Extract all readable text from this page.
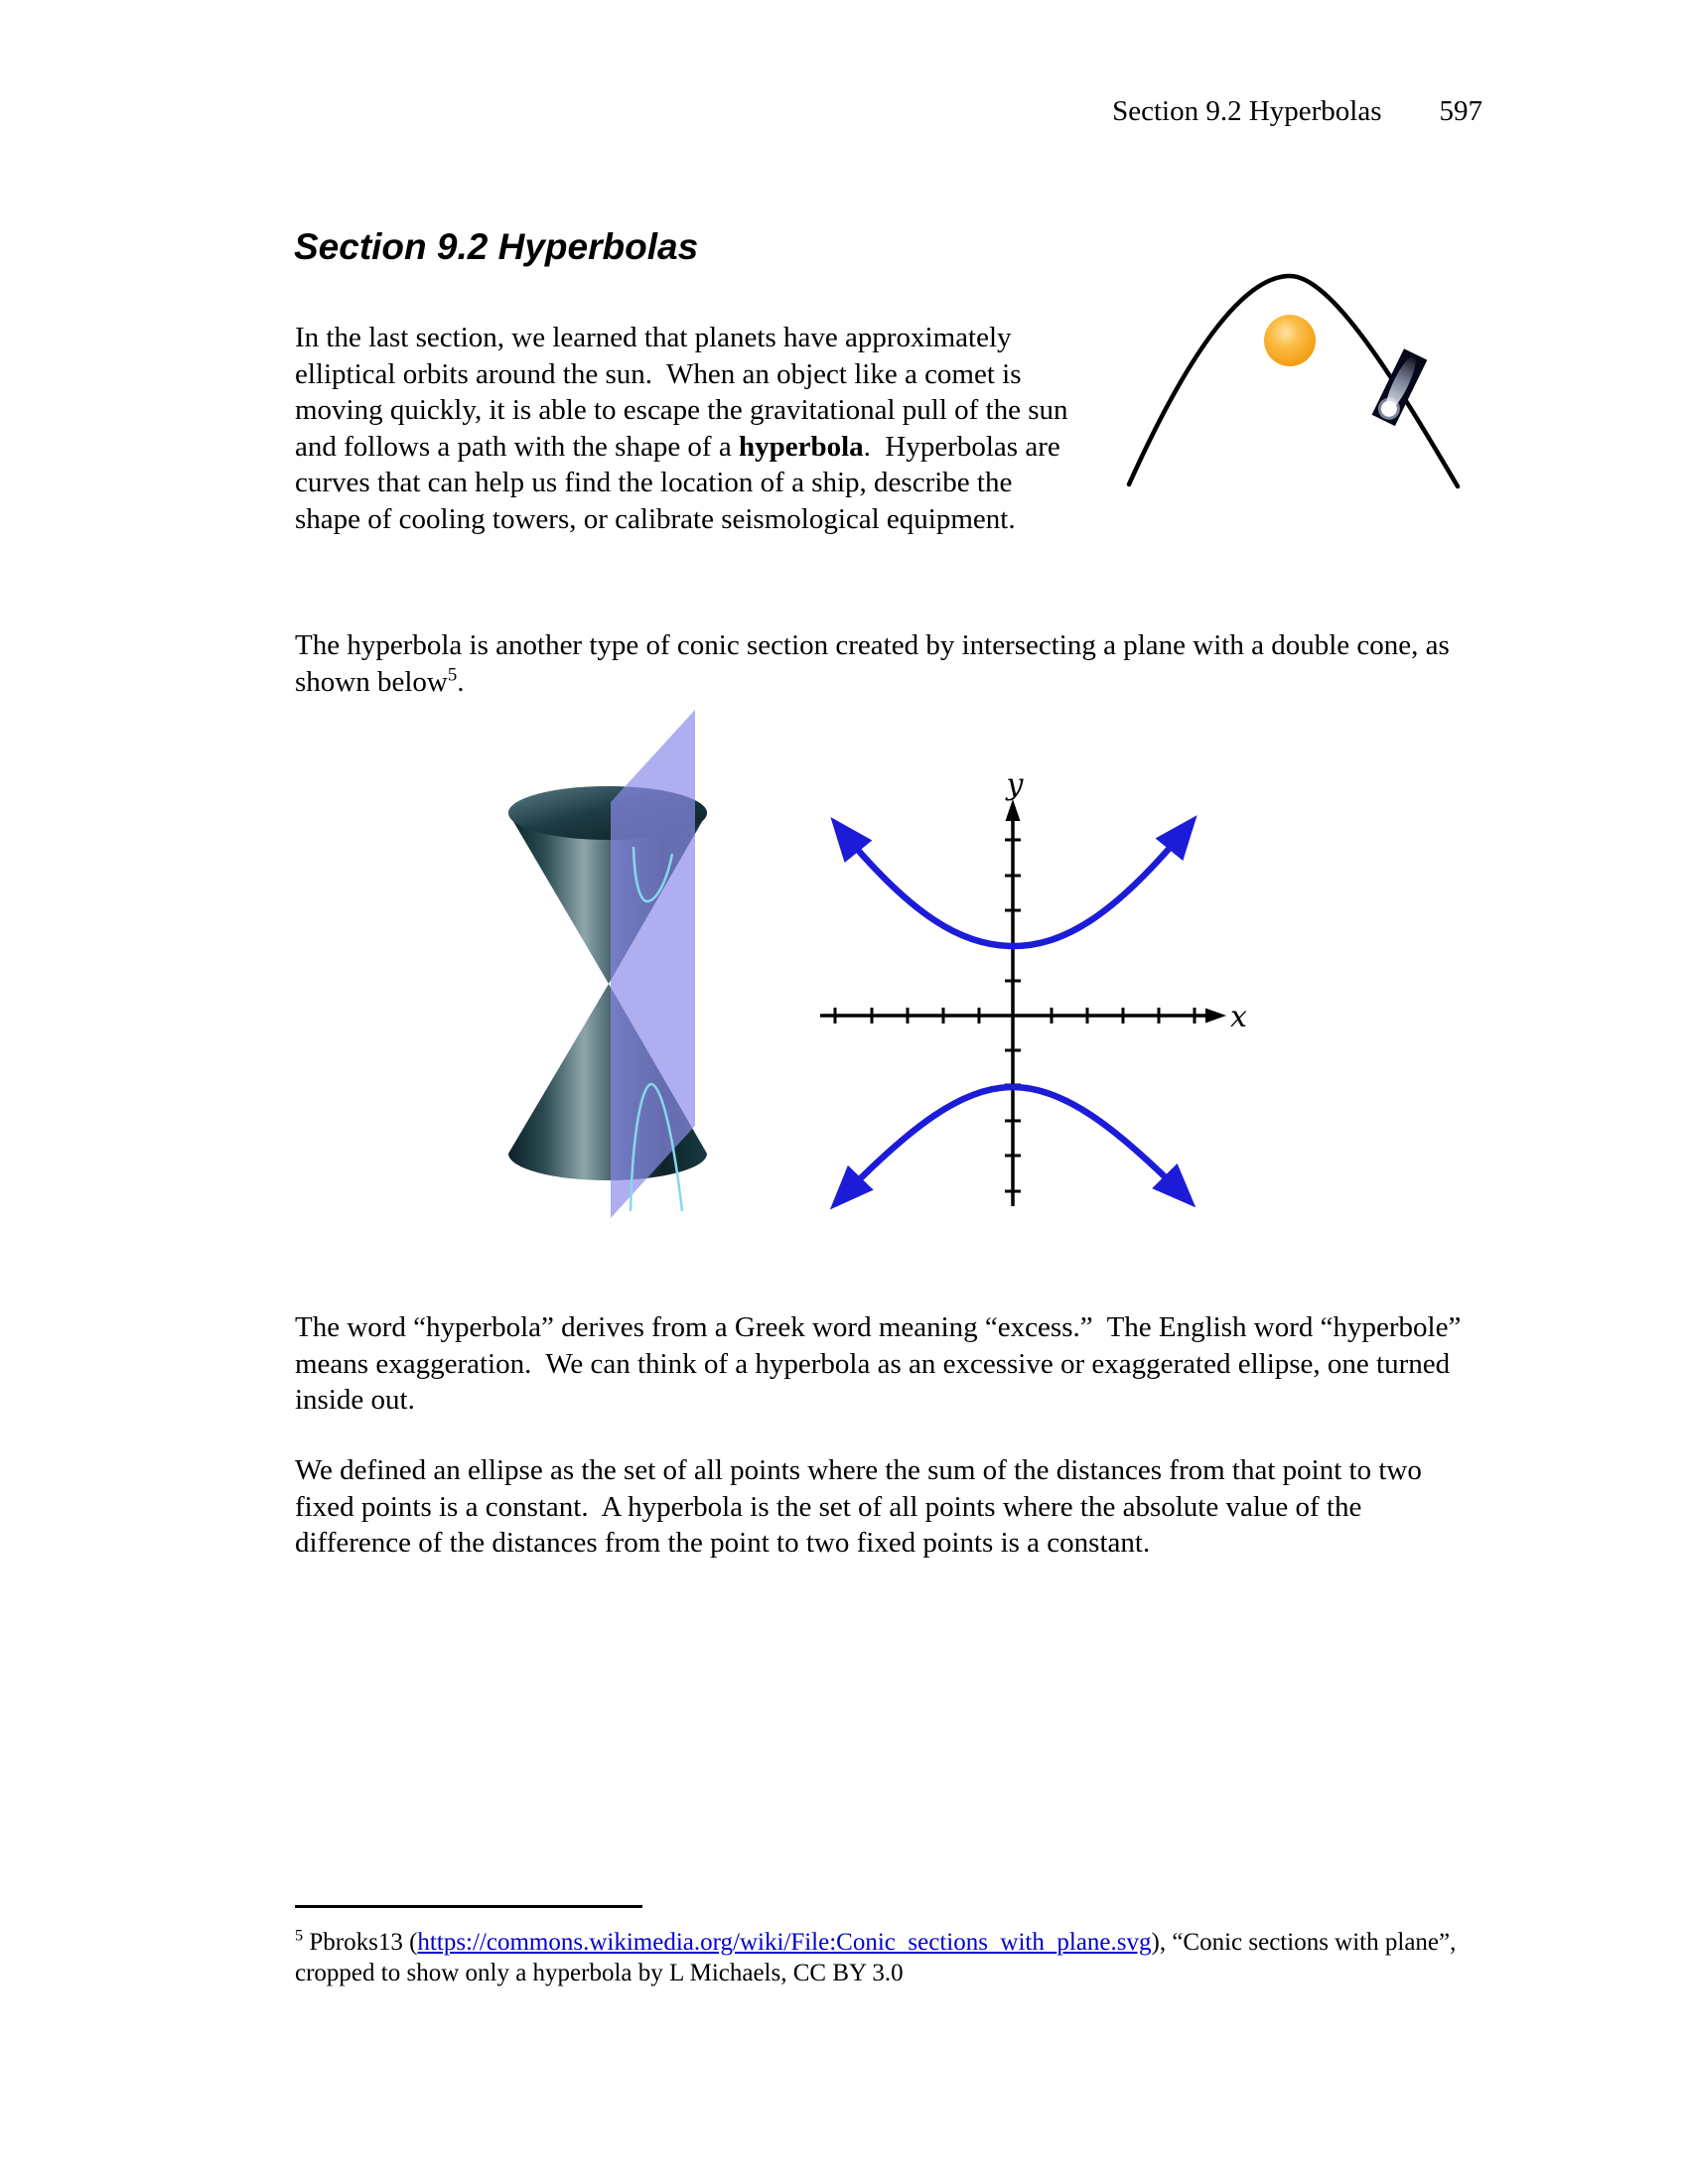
Section 9.2 Hyperbolas 597
Section 9.2 Hyperbolas

In the last section, we learned that planets have approximately elliptical orbits around the sun.  When an object like a comet is moving quickly, it is able to escape the gravitational pull of the sun and follows a path with the shape of a hyperbola.  Hyperbolas are curves that can help us find the location of a ship, describe the shape of cooling towers, or calibrate seismological equipment.

The hyperbola is another type of conic section created by intersecting a plane with a double cone, as shown below$^5$.

y
x

The word “hyperbola” derives from a Greek word meaning “excess.”  The English word “hyperbole” means exaggeration.  We can think of a hyperbola as an excessive or exaggerated ellipse, one turned inside out.

We defined an ellipse as the set of all points where the sum of the distances from that point to two fixed points is a constant.  A hyperbola is the set of all points where the absolute value of the difference of the distances from the point to two fixed points is a constant.

$^5$ Pbroks13 (https://commons.wikimedia.org/wiki/File:Conic_sections_with_plane.svg), “Conic sections with plane”, cropped to show only a hyperbola by L Michaels, CC BY 3.0
